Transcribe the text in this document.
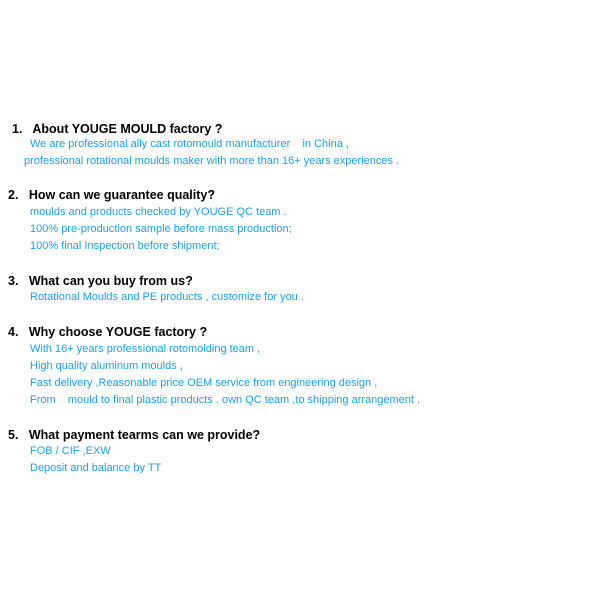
1.   About YOUGE MOULD factory ?
We are professional ally cast rotomould manufacturer    in China ,
professional rotational moulds maker with more than 16+ years experiences .
2.   How can we guarantee quality?
moulds and products checked by YOUGE QC team .
100% pre-production sample before mass production;
100% final Inspection before shipment;
3.   What can you buy from us?
Rotational Moulds and PE products , customize for you .
4.   Why choose YOUGE factory ?
With 16+ years professional rotomolding team ,
High quality aluminum moulds ,
Fast delivery ,Reasonable price OEM service from engineering design ,
From    mould to final plastic products . own QC team ,to shipping arrangement .
5.   What payment tearms can we provide?
FOB / CIF ,EXW
Deposit and balance by TT
